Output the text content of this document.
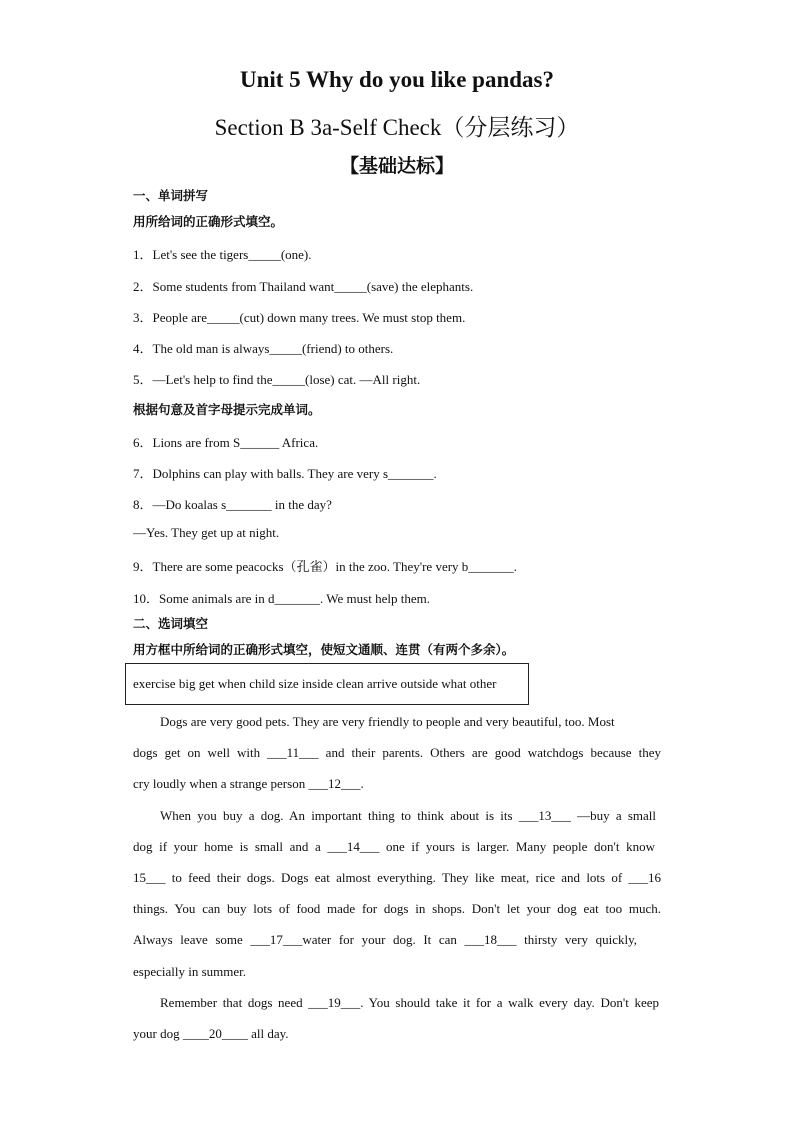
Unit 5 Why do you like pandas?
Section B 3a-Self Check（分层练习）
【基础达标】
一、单词拼写
用所给词的正确形式填空。
1．Let's see the tigers_____(one).
2．Some students from Thailand want_____(save) the elephants.
3．People are_____(cut) down many trees. We must stop them.
4．The old man is always_____(friend) to others.
5．—Let's help to find the_____(lose) cat. —All right.
根据句意及首字母提示完成单词。
6．Lions are from S______ Africa.
7．Dolphins can play with balls. They are very s_______.
8．—Do koalas s_______ in the day?
—Yes. They get up at night.
9．There are some peacocks（孔雀）in the zoo. They're very b_______.
10．Some animals are in d_______. We must help them.
二、选词填空
用方框中所给词的正确形式填空，使短文通顺、连贯（有两个多余）。
exercise big get when child size inside clean arrive outside what other
Dogs are very good pets. They are very friendly to people and very beautiful, too. Most
dogs get on well with ___11___ and their parents. Others are good watchdogs because they
cry loudly when a strange person ___12___.
When you buy a dog. An important thing to think about is its ___13___ —buy a small
dog if your home is small and a ___14___ one if yours is larger. Many people don't know
15___ to feed their dogs. Dogs eat almost everything. They like meat, rice and lots of ___16
things. You can buy lots of food made for dogs in shops. Don't let your dog eat too much.
Always leave some ___17___water for your dog. It can ___18___ thirsty very quickly,
especially in summer.
Remember that dogs need ___19___. You should take it for a walk every day. Don't keep
your dog ____20____ all day.
